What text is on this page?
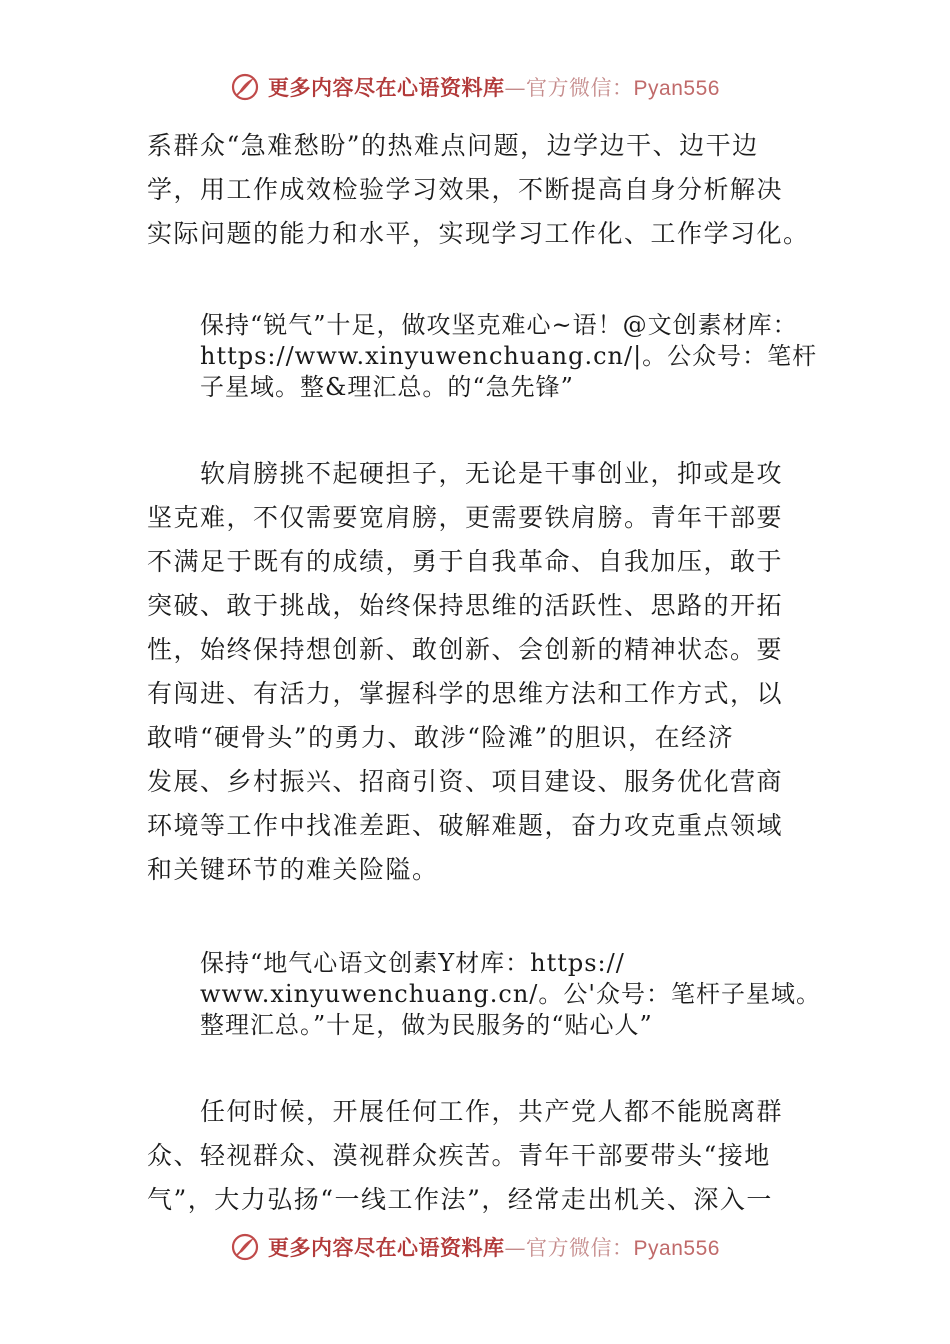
更多内容尽在心语资料库—官方微信：Pyan556
系群众“急难愁盼”的热难点问题，边学边干、边干边
学，用工作成效检验学习效果，不断提高自身分析解决
实际问题的能力和水平，实现学习工作化、工作学习化。
保持“锐气”十足，做攻坚克难心~语！@文创素材库：
https://www.xinyuwenchuang.cn/|。公众号：笔杆
子星域。整&理汇总。的“急先锋”
　　软肩膀挑不起硬担子，无论是干事创业，抑或是攻
坚克难，不仅需要宽肩膀，更需要铁肩膀。青年干部要
不满足于既有的成绩，勇于自我革命、自我加压，敢于
突破、敢于挑战，始终保持思维的活跃性、思路的开拓
性，始终保持想创新、敢创新、会创新的精神状态。要
有闯进、有活力，掌握科学的思维方法和工作方式，以
敢啃“硬骨头”的勇力、敢涉“险滩”的胆识，在经济
发展、乡村振兴、招商引资、项目建设、服务优化营商
环境等工作中找准差距、破解难题，奋力攻克重点领域
和关键环节的难关险隘。
保持“地气心语文创素Y材库：https://
www.xinyuwenchuang.cn/。公'众号：笔杆子星域。
整理汇总。”十足，做为民服务的“贴心人”
　　任何时候，开展任何工作，共产党人都不能脱离群
众、轻视群众、漠视群众疾苦。青年干部要带头“接地
气”，大力弘扬“一线工作法”，经常走出机关、深入一
更多内容尽在心语资料库—官方微信：Pyan556
